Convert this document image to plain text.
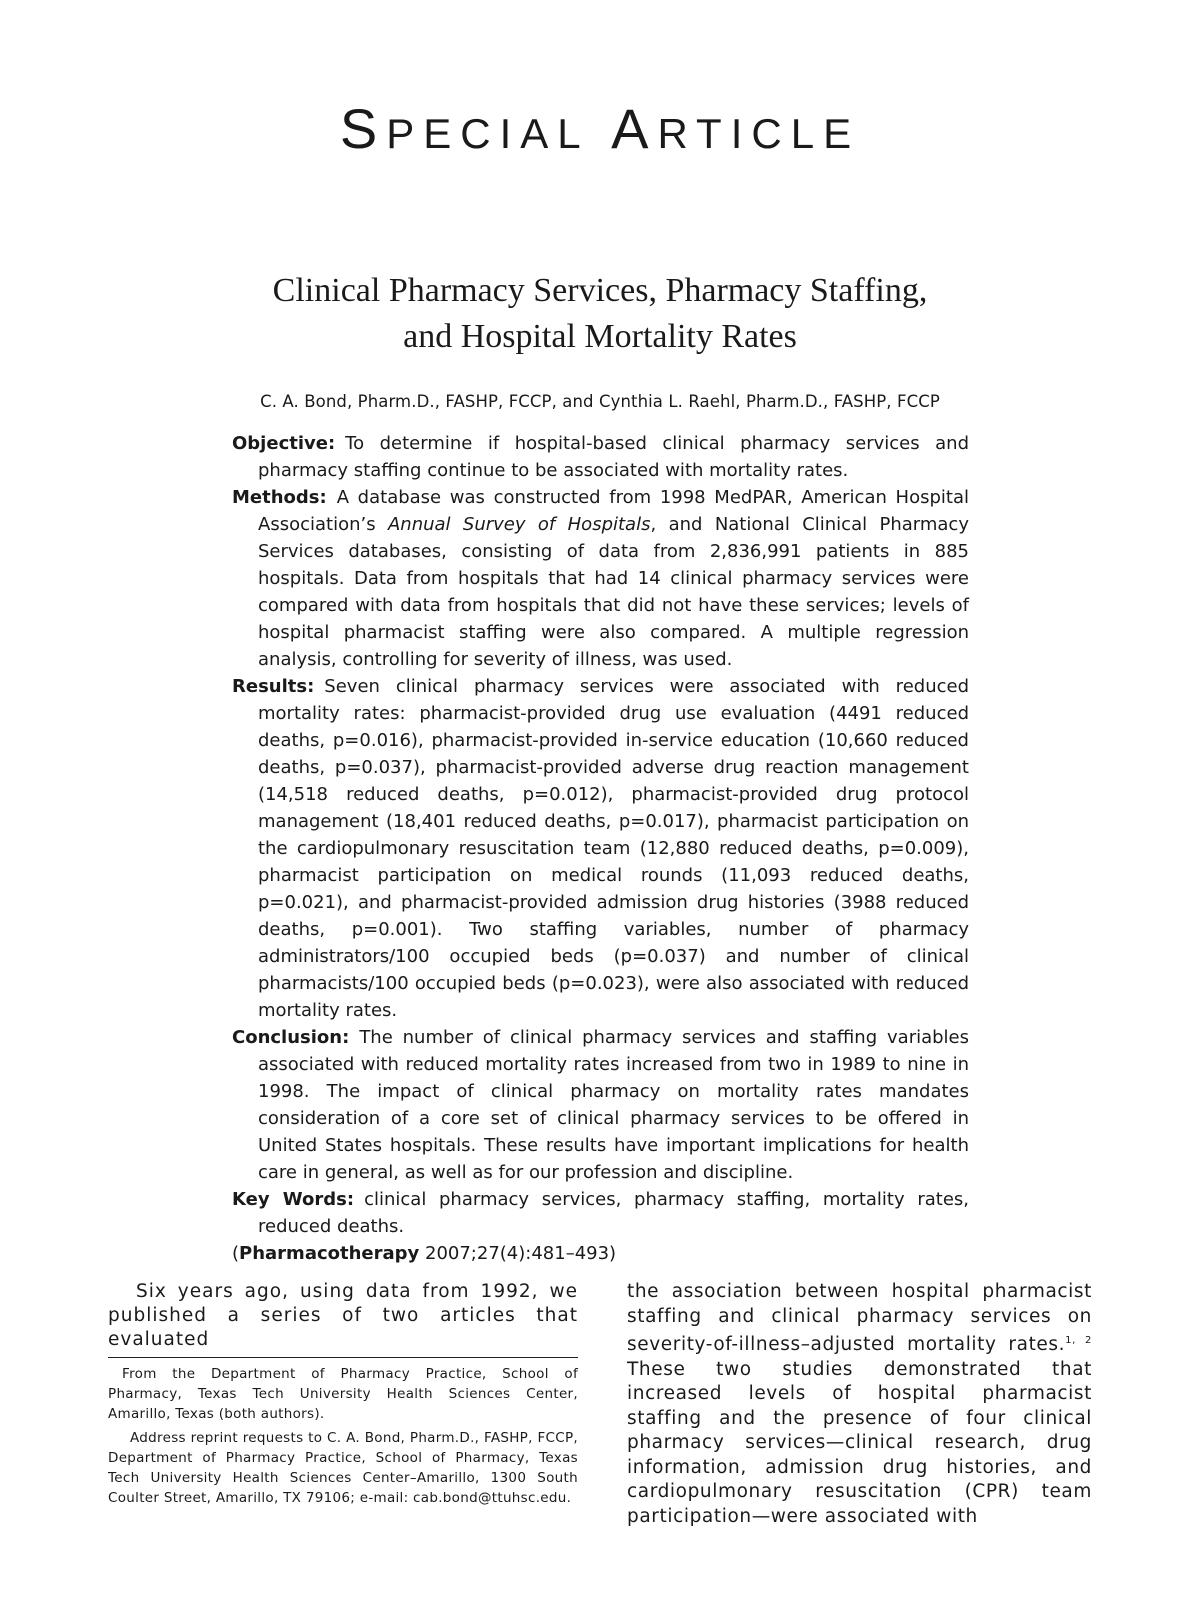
SPECIAL ARTICLE
Clinical Pharmacy Services, Pharmacy Staffing,
and Hospital Mortality Rates
C. A. Bond, Pharm.D., FASHP, FCCP, and Cynthia L. Raehl, Pharm.D., FASHP, FCCP

Objective: To determine if hospital-based clinical pharmacy services and pharmacy staffing continue to be associated with mortality rates.

Methods: A database was constructed from 1998 MedPAR, American Hospital Association’s Annual Survey of Hospitals, and National Clinical Pharmacy Services databases, consisting of data from 2,836,991 patients in 885 hospitals. Data from hospitals that had 14 clinical pharmacy services were compared with data from hospitals that did not have these services; levels of hospital pharmacist staffing were also compared. A multiple regression analysis, controlling for severity of illness, was used.

Results: Seven clinical pharmacy services were associated with reduced mortality rates: pharmacist-provided drug use evaluation (4491 reduced deaths, p=0.016), pharmacist-provided in-service education (10,660 reduced deaths, p=0.037), pharmacist-provided adverse drug reaction management (14,518 reduced deaths, p=0.012), pharmacist-provided drug protocol management (18,401 reduced deaths, p=0.017), pharmacist participation on the cardiopulmonary resuscitation team (12,880 reduced deaths, p=0.009), pharmacist participation on medical rounds (11,093 reduced deaths, p=0.021), and pharmacist-provided admission drug histories (3988 reduced deaths, p=0.001). Two staffing variables, number of pharmacy administrators/100 occupied beds (p=0.037) and number of clinical pharmacists/100 occupied beds (p=0.023), were also associated with reduced mortality rates.

Conclusion: The number of clinical pharmacy services and staffing variables associated with reduced mortality rates increased from two in 1989 to nine in 1998. The impact of clinical pharmacy on mortality rates mandates consideration of a core set of clinical pharmacy services to be offered in United States hospitals. These results have important implications for health care in general, as well as for our profession and discipline.

Key Words: clinical pharmacy services, pharmacy staffing, mortality rates, reduced deaths.

(Pharmacotherapy 2007;27(4):481–493)

Six years ago, using data from 1992, we published a series of two articles that evaluated

From the Department of Pharmacy Practice, School of Pharmacy, Texas Tech University Health Sciences Center, Amarillo, Texas (both authors).

Address reprint requests to C. A. Bond, Pharm.D., FASHP, FCCP, Department of Pharmacy Practice, School of Pharmacy, Texas Tech University Health Sciences Center–Amarillo, 1300 South Coulter Street, Amarillo, TX 79106; e-mail: cab.bond@ttuhsc.edu.

the association between hospital pharmacist staffing and clinical pharmacy services on severity-of-illness–adjusted mortality rates.$^{1, 2}$ These two studies demonstrated that increased levels of hospital pharmacist staffing and the presence of four clinical pharmacy services—clinical research, drug information, admission drug histories, and cardiopulmonary resuscitation (CPR) team participation—were associated with
